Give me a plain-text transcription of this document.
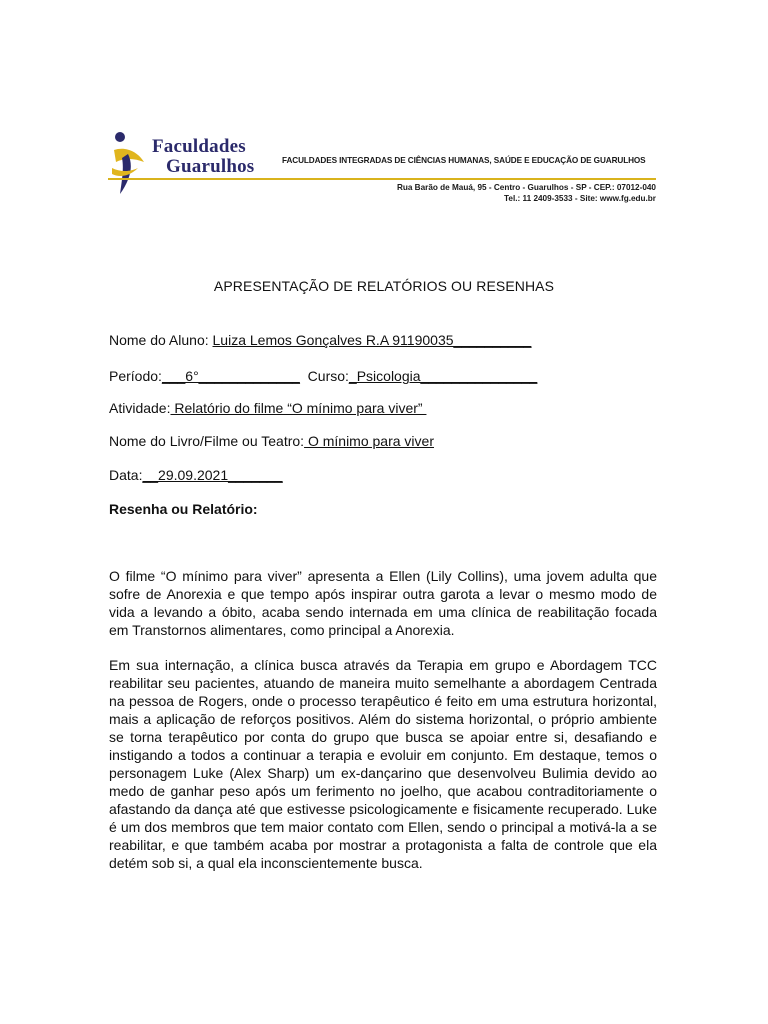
Faculdades
Guarulhos	FACULDADES INTEGRADAS DE CIÊNCIAS HUMANAS, SAÚDE E EDUCAÇÃO DE GUARULHOS
Rua Barão de Mauá, 95 - Centro - Guarulhos - SP - CEP.: 07012-040
Tel.: 11 2409-3533 - Site: www.fg.edu.br
APRESENTAÇÃO DE RELATÓRIOS OU RESENHAS
Nome do Aluno: Luiza Lemos Gonçalves R.A 91190035__________
Período:___6°_____________  Curso:_Psicologia_______________
Atividade: Relatório do filme “O mínimo para viver”
Nome do Livro/Filme ou Teatro: O mínimo para viver
Data:__29.09.2021_______
Resenha ou Relatório:
O filme “O mínimo para viver” apresenta a Ellen (Lily Collins), uma jovem adulta que sofre de Anorexia e que tempo após inspirar outra garota a levar o mesmo modo de vida a levando a óbito, acaba sendo internada em uma clínica de reabilitação focada em Transtornos alimentares, como principal a Anorexia.
Em sua internação, a clínica busca através da Terapia em grupo e Abordagem TCC reabilitar seu pacientes, atuando de maneira muito semelhante a abordagem Centrada na pessoa de Rogers, onde o processo terapêutico é feito em uma estrutura horizontal, mais a aplicação de reforços positivos. Além do sistema horizontal, o próprio ambiente se torna terapêutico por conta do grupo que busca se apoiar entre si, desafiando e instigando a todos a continuar a terapia e evoluir em conjunto. Em destaque, temos o personagem Luke (Alex Sharp) um ex-dançarino que desenvolveu Bulimia devido ao medo de ganhar peso após um ferimento no joelho, que acabou contraditoriamente o afastando da dança até que estivesse psicologicamente e fisicamente recuperado. Luke é um dos membros que tem maior contato com Ellen, sendo o principal a motivá-la a se reabilitar, e que também acaba por mostrar a protagonista a falta de controle que ela detém sob si, a qual ela inconscientemente busca.
